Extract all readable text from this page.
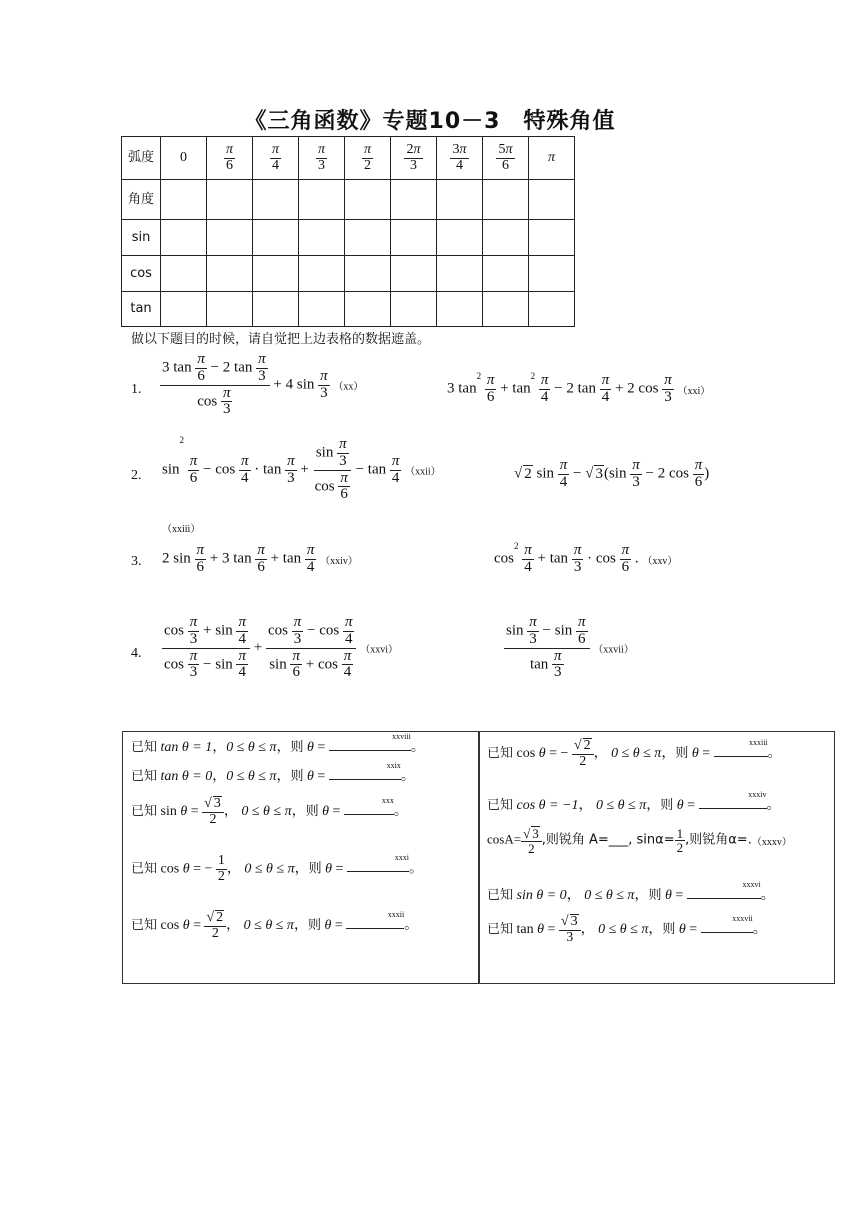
《三角函数》专题10－3　特殊角值
弧度	0	$\frac{\pi}{6}$	$\frac{\pi}{4}$	$\frac{\pi}{3}$	$\frac{\pi}{2}$	$\frac{2\pi}{3}$	$\frac{3\pi}{4}$	$\frac{5\pi}{6}$	π
角度									
sin									
cos									
tan									
做以下题目的时候，请自觉把上边表格的数据遮盖。
1. $\frac{3 \tan \frac{\pi}{6} - 2 \tan \frac{\pi}{3}}{\cos \frac{\pi}{3}} + 4$ $\sin \frac{\pi}{3} (xx)$	3 $\tan^2 \frac{\pi}{6} + \tan^2 \frac{\pi}{4} - 2$ $\tan \frac{\pi}{4} + 2$ $\cos \frac{\pi}{3} (xxi)$
2. $\sin^2$
$\frac{\pi}{6} - \cos \frac{\pi}{4} \cdot \tan \frac{\pi}{3} + \frac{\sin \frac{\pi}{3}}{\cos \frac{\pi}{6}} - \tan \frac{\pi}{4}$ （xxii）	√ 2 $\sin \frac{\pi}{4}$ − √ $3(\sin \frac{\pi}{3} - 2$ $\cos \frac{\pi}{6}$ )
（xxiii）
3. 2 $\sin \frac{\pi}{6} + 3$ $\tan \frac{\pi}{6} + \tan \frac{\pi}{4}$ （xxiv）	$\cos^2 \frac{\pi}{4} + \tan \frac{\pi}{3} \cdot \cos \frac{\pi}{6}$ . （xxv）
4. $\frac{\cos \frac{\pi}{3} + \sin \frac{\pi}{4}}{\cos \frac{\pi}{3} - \sin \frac{\pi}{4}} + \frac{\cos \frac{\pi}{3} - \cos \frac{\pi}{4}}{\sin \frac{\pi}{6} + \cos \frac{\pi}{4}}$ （xxvi）	$\frac{\sin \frac{\pi}{3} - \sin \frac{\pi}{6}}{\tan \frac{\pi}{3}}$ （xxvii）
已知 tan θ = 1，0 ≤ θ ≤ π，则 θ =
xxviii
。
已知 tan θ = 0，0 ≤ θ ≤ π，则 θ =
xxix
。
已知 $\sin \theta = \frac{√ 3}{2}$ ， 0 ≤ θ ≤ π，则 θ =
xxx
。
已知 cos θ = − $\frac{1}{2}$ ， 0 ≤ θ ≤ π，则 θ =
xxxi
。
已知 $\cos \theta = \frac{√ 2}{2}$ ， 0 ≤ θ ≤ π，则 θ =
xxxii
。
已知 cos θ = − $\frac{√ 2}{2}$ ， 0 ≤ θ ≤ π，则 θ =
xxxiii
。
已知 cos θ = −1， 0 ≤ θ ≤ π，则 θ =
xxxiv
。
$\cos A= \frac{√ 3}{2}$ ,则锐角 A=___, $\sin\alpha= \frac{1}{2}$ ,则锐角α=.（xxxv）
已知 sin θ = 0， 0 ≤ θ ≤ π，则 θ =
xxxvi
。
已知 $\tan \theta = \frac{√ 3}{3}$ ， 0 ≤ θ ≤ π，则 θ =
xxxvii
。
